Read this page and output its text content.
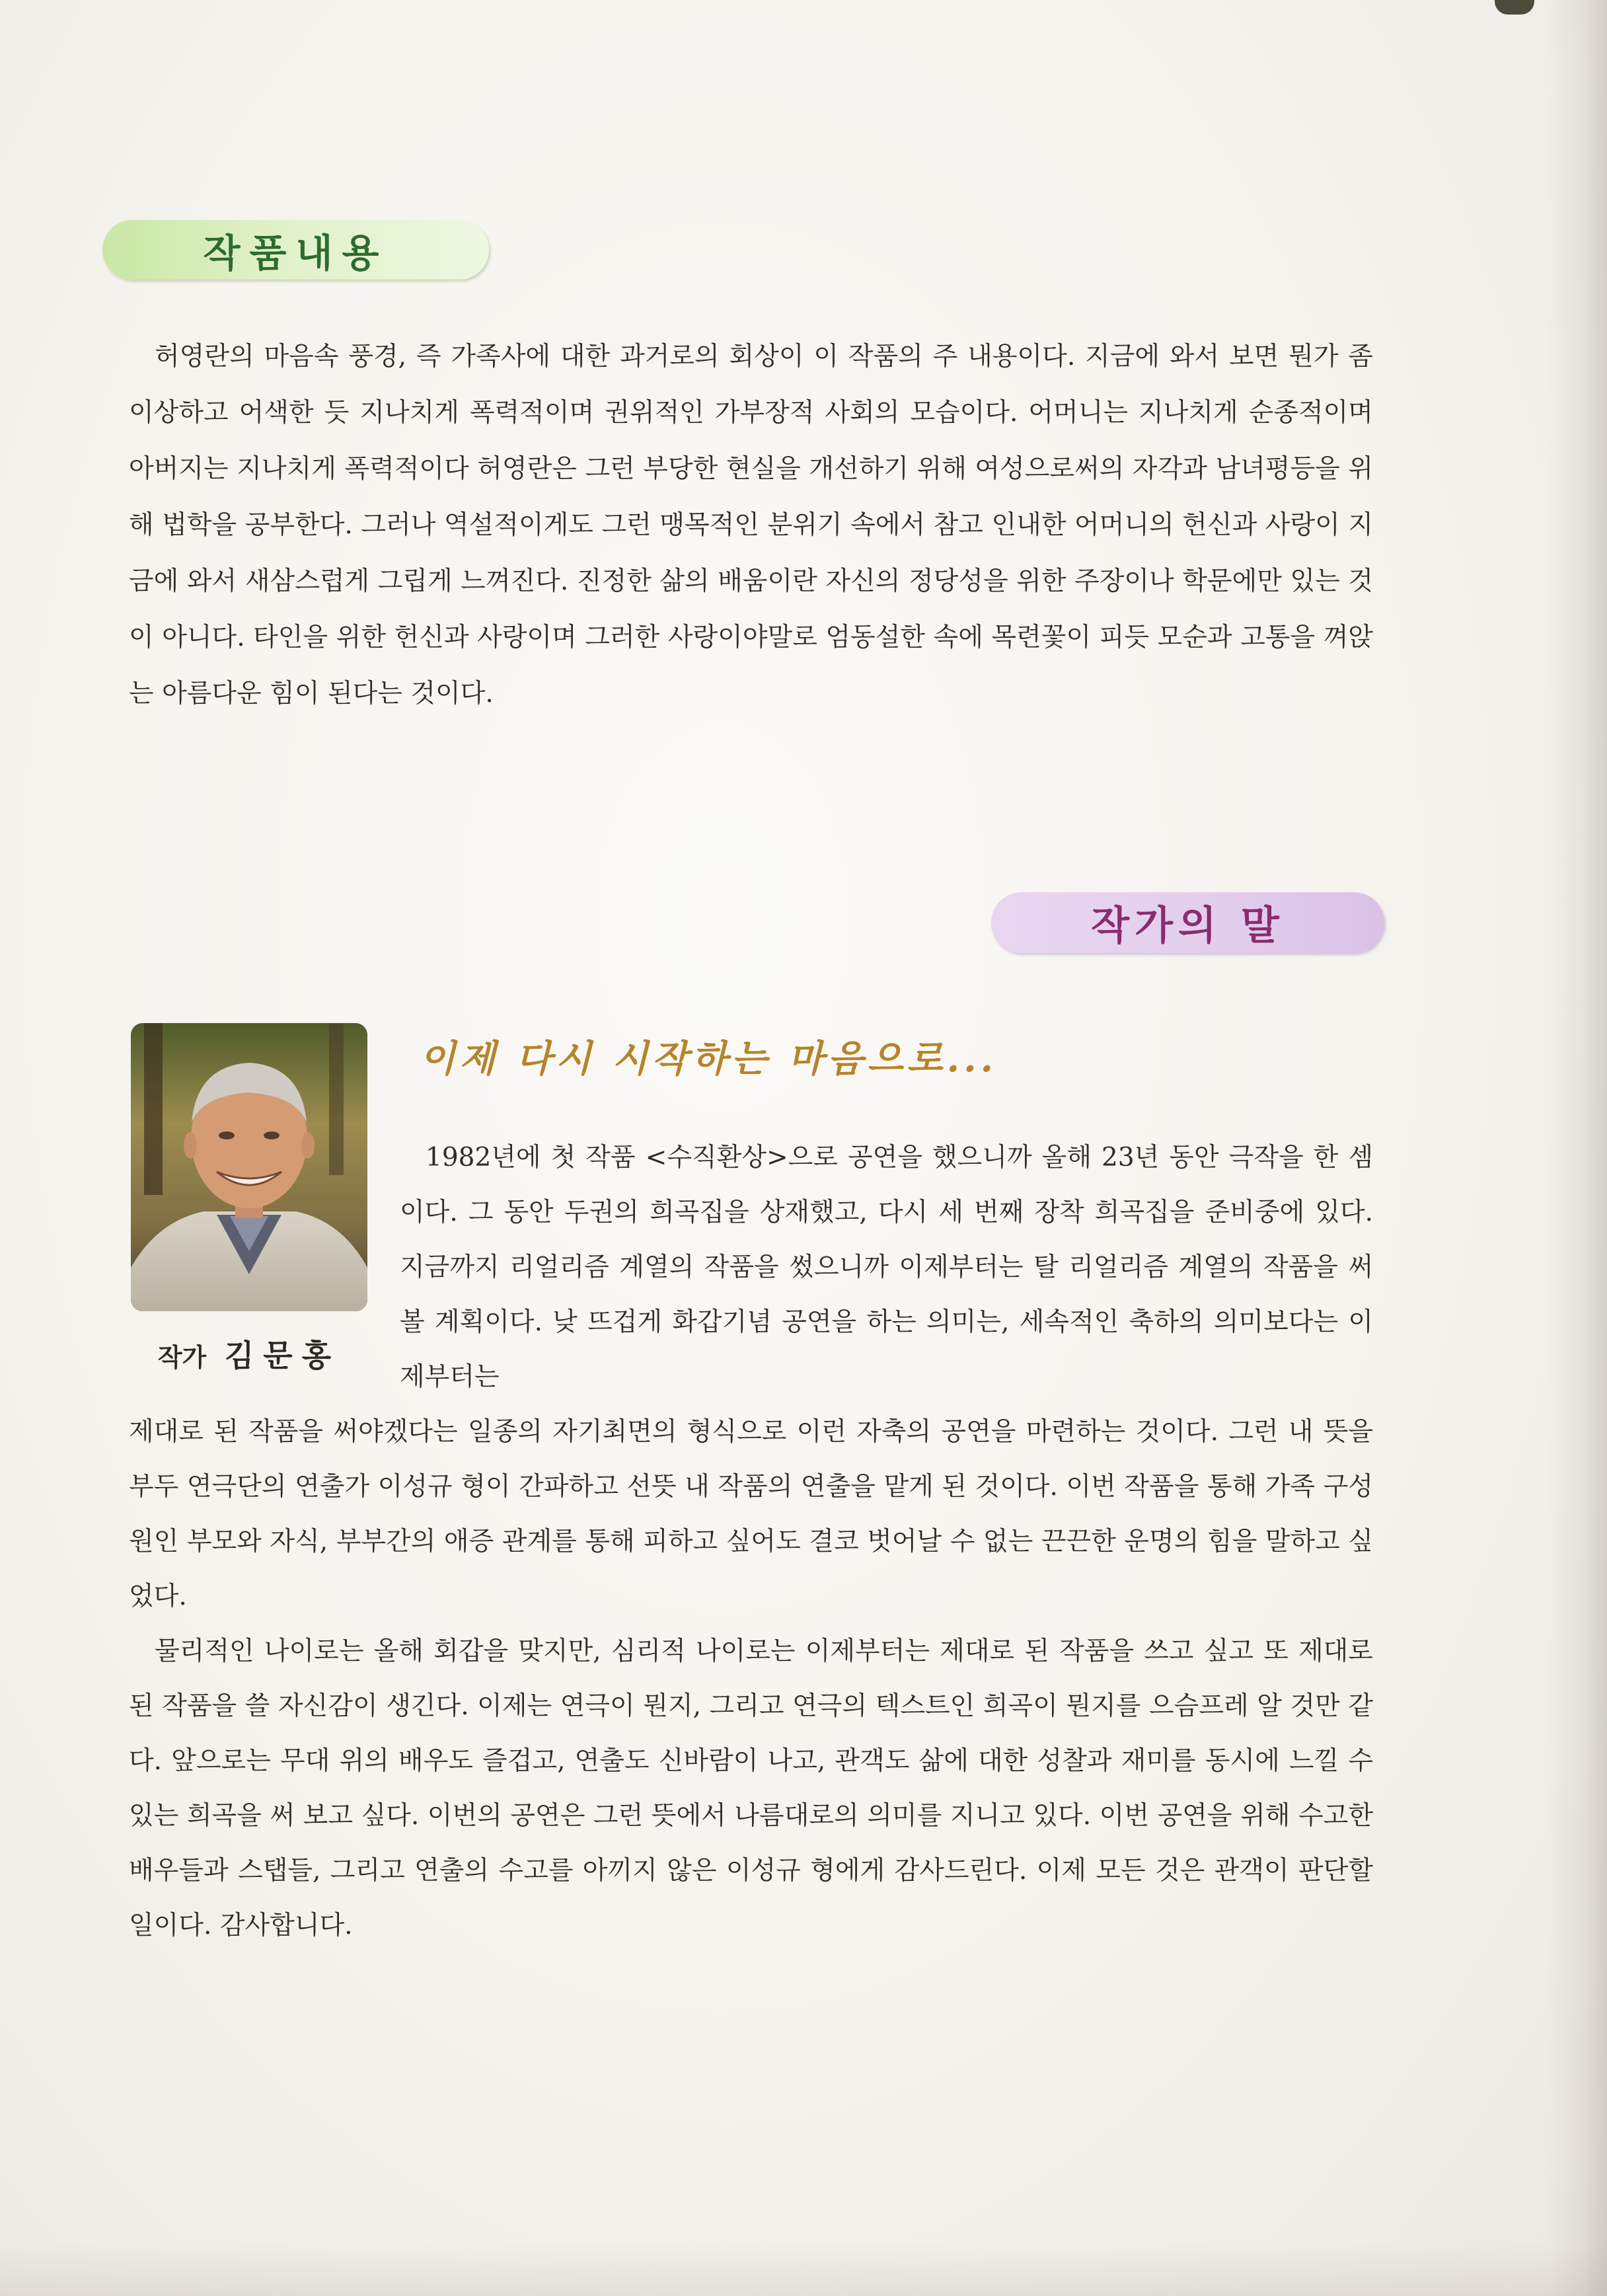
작품내용

허영란의 마음속 풍경, 즉 가족사에 대한 과거로의 회상이 이 작품의 주 내용이다. 지금에 와서 보면 뭔가 좀 이상하고 어색한 듯 지나치게 폭력적이며 권위적인 가부장적 사회의 모습이다. 어머니는 지나치게 순종적이며 아버지는 지나치게 폭력적이다 허영란은 그런 부당한 현실을 개선하기 위해 여성으로써의 자각과 남녀평등을 위해 법학을 공부한다. 그러나 역설적이게도 그런 맹목적인 분위기 속에서 참고 인내한 어머니의 헌신과 사랑이 지금에 와서 새삼스럽게 그립게 느껴진다. 진정한 삶의 배움이란 자신의 정당성을 위한 주장이나 학문에만 있는 것이 아니다. 타인을 위한 헌신과 사랑이며 그러한 사랑이야말로 엄동설한 속에 목련꽃이 피듯 모순과 고통을 껴앉는 아름다운 힘이 된다는 것이다.

작가의 말
작가 김문홍
이제 다시 시작하는 마음으로...

1982년에 첫 작품 <수직환상>으로 공연을 했으니까 올해 23년 동안 극작을 한 셈이다. 그 동안 두권의 희곡집을 상재했고, 다시 세 번째 장착 희곡집을 준비중에 있다. 지금까지 리얼리즘 계열의 작품을 썼으니까 이제부터는 탈 리얼리즘 계열의 작품을 써 볼 계획이다. 낮 뜨겁게 화갑기념 공연을 하는 의미는, 세속적인 축하의 의미보다는 이제부터는

제대로 된 작품을 써야겠다는 일종의 자기최면의 형식으로 이런 자축의 공연을 마련하는 것이다. 그런 내 뜻을 부두 연극단의 연출가 이성규 형이 간파하고 선뜻 내 작품의 연출을 맡게 된 것이다. 이번 작품을 통해 가족 구성원인 부모와 자식, 부부간의 애증 관계를 통해 피하고 싶어도 결코 벗어날 수 없는 끈끈한 운명의 힘을 말하고 싶었다.

물리적인 나이로는 올해 회갑을 맞지만, 심리적 나이로는 이제부터는 제대로 된 작품을 쓰고 싶고 또 제대로 된 작품을 쓸 자신감이 생긴다. 이제는 연극이 뭔지, 그리고 연극의 텍스트인 희곡이 뭔지를 으슴프레 알 것만 같다. 앞으로는 무대 위의 배우도 즐겁고, 연출도 신바람이 나고, 관객도 삶에 대한 성찰과 재미를 동시에 느낄 수 있는 희곡을 써 보고 싶다. 이번의 공연은 그런 뜻에서 나름대로의 의미를 지니고 있다. 이번 공연을 위해 수고한 배우들과 스탭들, 그리고 연출의 수고를 아끼지 않은 이성규 형에게 감사드린다. 이제 모든 것은 관객이 판단할 일이다. 감사합니다.
